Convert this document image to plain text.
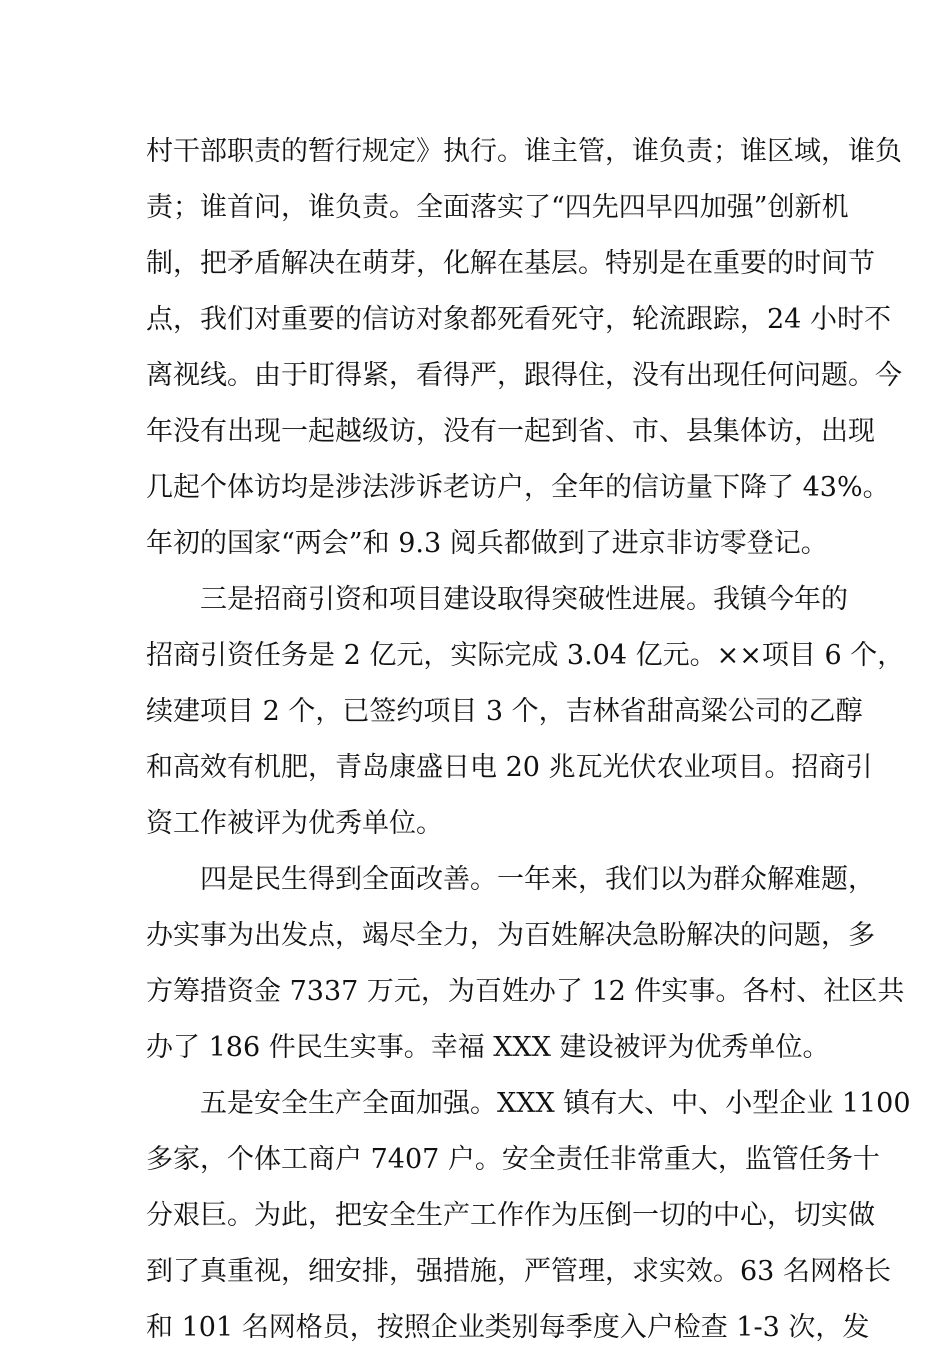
村干部职责的暂行规定》执行。谁主管，谁负责；谁区域，谁负
责；谁首问，谁负责。全面落实了“四先四早四加强”创新机
制，把矛盾解决在萌芽，化解在基层。特别是在重要的时间节
点，我们对重要的信访对象都死看死守，轮流跟踪，24 小时不
离视线。由于盯得紧，看得严，跟得住，没有出现任何问题。今
年没有出现一起越级访，没有一起到省、市、县集体访，出现
几起个体访均是涉法涉诉老访户，全年的信访量下降了 43%。
年初的国家“两会”和 9.3 阅兵都做到了进京非访零登记。
三是招商引资和项目建设取得突破性进展。我镇今年的
招商引资任务是 2 亿元，实际完成 3.04 亿元。××项目 6 个，
续建项目 2 个，已签约项目 3 个，吉林省甜高粱公司的乙醇
和高效有机肥，青岛康盛日电 20 兆瓦光伏农业项目。招商引
资工作被评为优秀单位。
四是民生得到全面改善。一年来，我们以为群众解难题，
办实事为出发点，竭尽全力，为百姓解决急盼解决的问题，多
方筹措资金 7337 万元，为百姓办了 12 件实事。各村、社区共
办了 186 件民生实事。幸福 XXX 建设被评为优秀单位。
五是安全生产全面加强。XXX 镇有大、中、小型企业 1100
多家，个体工商户 7407 户。安全责任非常重大，监管任务十
分艰巨。为此，把安全生产工作作为压倒一切的中心，切实做
到了真重视，细安排，强措施，严管理，求实效。63 名网格长
和 101 名网格员，按照企业类别每季度入户检查 1-3 次，发
